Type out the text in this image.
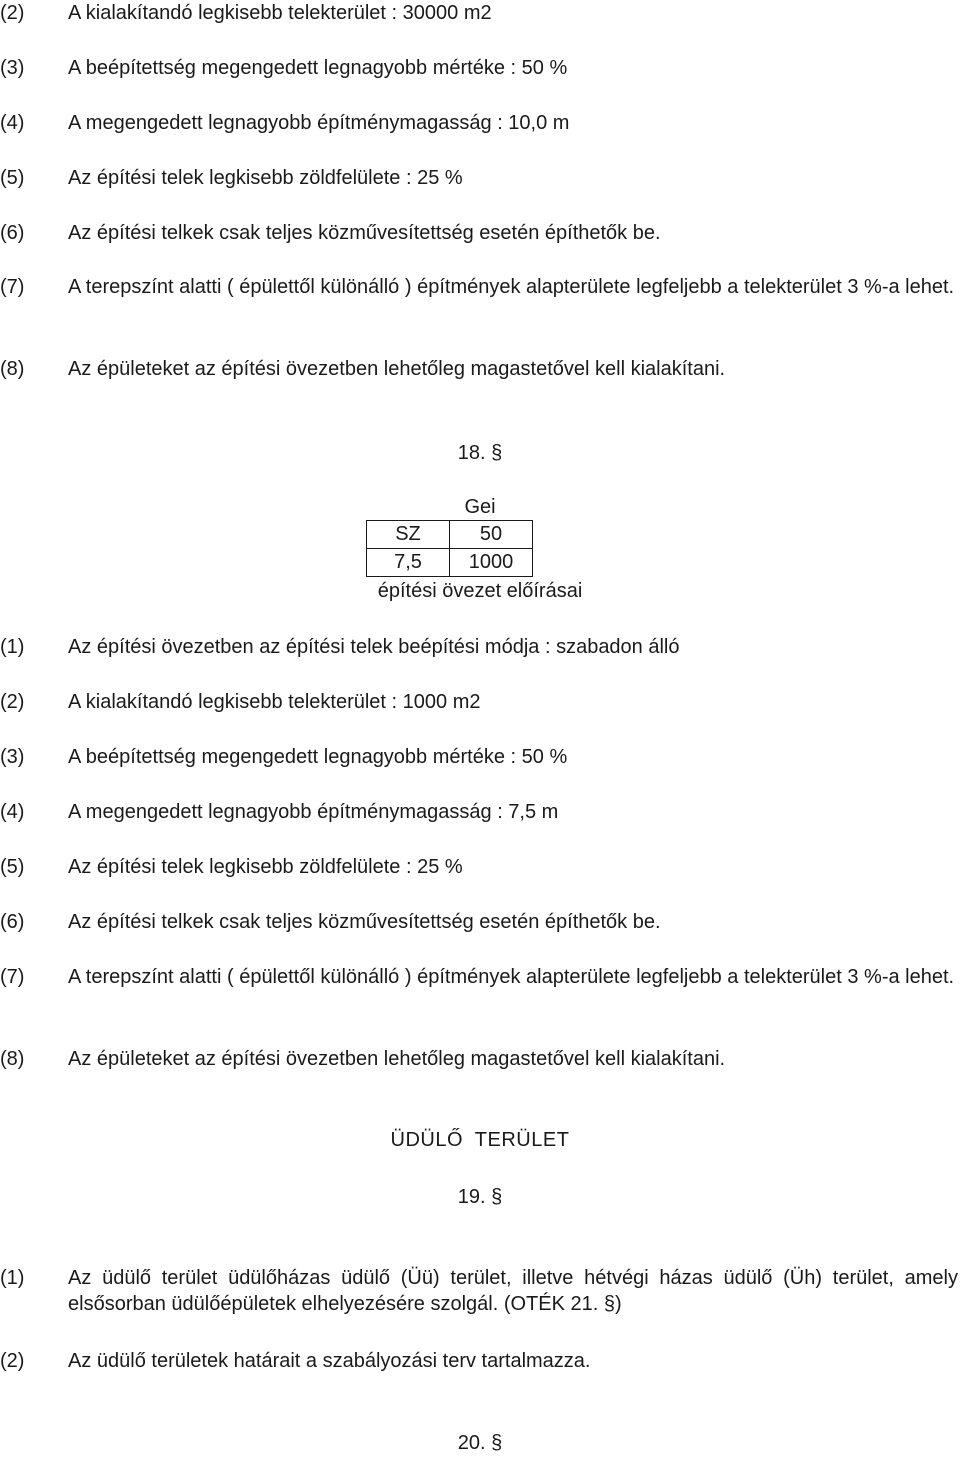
(2) A kialakítandó legkisebb telekterület : 30000 m2
(3) A beépítettség megengedett legnagyobb mértéke : 50 %
(4) A megengedett legnagyobb építménymagasság : 10,0 m
(5) Az építési telek legkisebb zöldfelülete : 25 %
(6) Az építési telkek csak teljes közművesítettség esetén építhetők be.
(7) A terepszínt alatti ( épülettől különálló ) építmények alapterülete legfeljebb a telekterület 3 %-a lehet.
(8) Az épületeket az építési övezetben lehetőleg magastetővel kell kialakítani.
18. §
Gei
SZ	50
7,5	1000
építési övezet előírásai
(1) Az építési övezetben az építési telek beépítési módja : szabadon álló
(2) A kialakítandó legkisebb telekterület : 1000 m2
(3) A beépítettség megengedett legnagyobb mértéke : 50 %
(4) A megengedett legnagyobb építménymagasság : 7,5 m
(5) Az építési telek legkisebb zöldfelülete : 25 %
(6) Az építési telkek csak teljes közművesítettség esetén építhetők be.
(7) A terepszínt alatti ( épülettől különálló ) építmények alapterülete legfeljebb a telekterület 3 %-a lehet.
(8) Az épületeket az építési övezetben lehetőleg magastetővel kell kialakítani.
ÜDÜLŐ  TERÜLET
19. §
(1) Az üdülő terület üdülőházas üdülő (Üü) terület, illetve hétvégi házas üdülő (Üh) terület, amely elsősorban üdülőépületek elhelyezésére szolgál. (OTÉK 21. §)
(2) Az üdülő területek határait a szabályozási terv tartalmazza.
20. §
